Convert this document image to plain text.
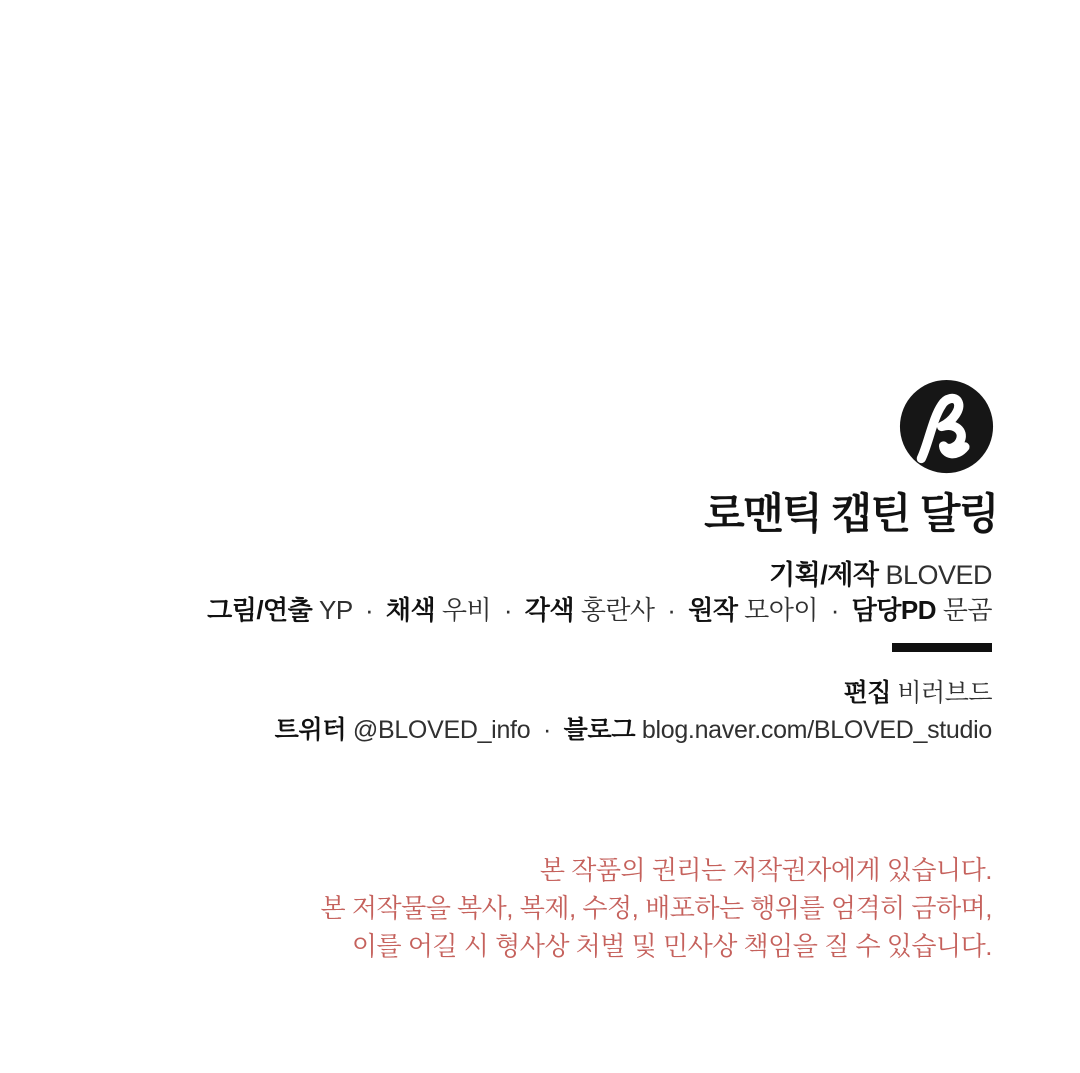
로맨틱 캡틴 달링
기획/제작 BLOVED
그림/연출 YP · 채색 우비 · 각색 홍란사 · 원작 모아이 · 담당PD 문곰
편집 비러브드
트위터 @BLOVED_info · 블로그 blog.naver.com/BLOVED_studio
본 작품의 권리는 저작권자에게 있습니다.
본 저작물을 복사, 복제, 수정, 배포하는 행위를 엄격히 금하며,
이를 어길 시 형사상 처벌 및 민사상 책임을 질 수 있습니다.
